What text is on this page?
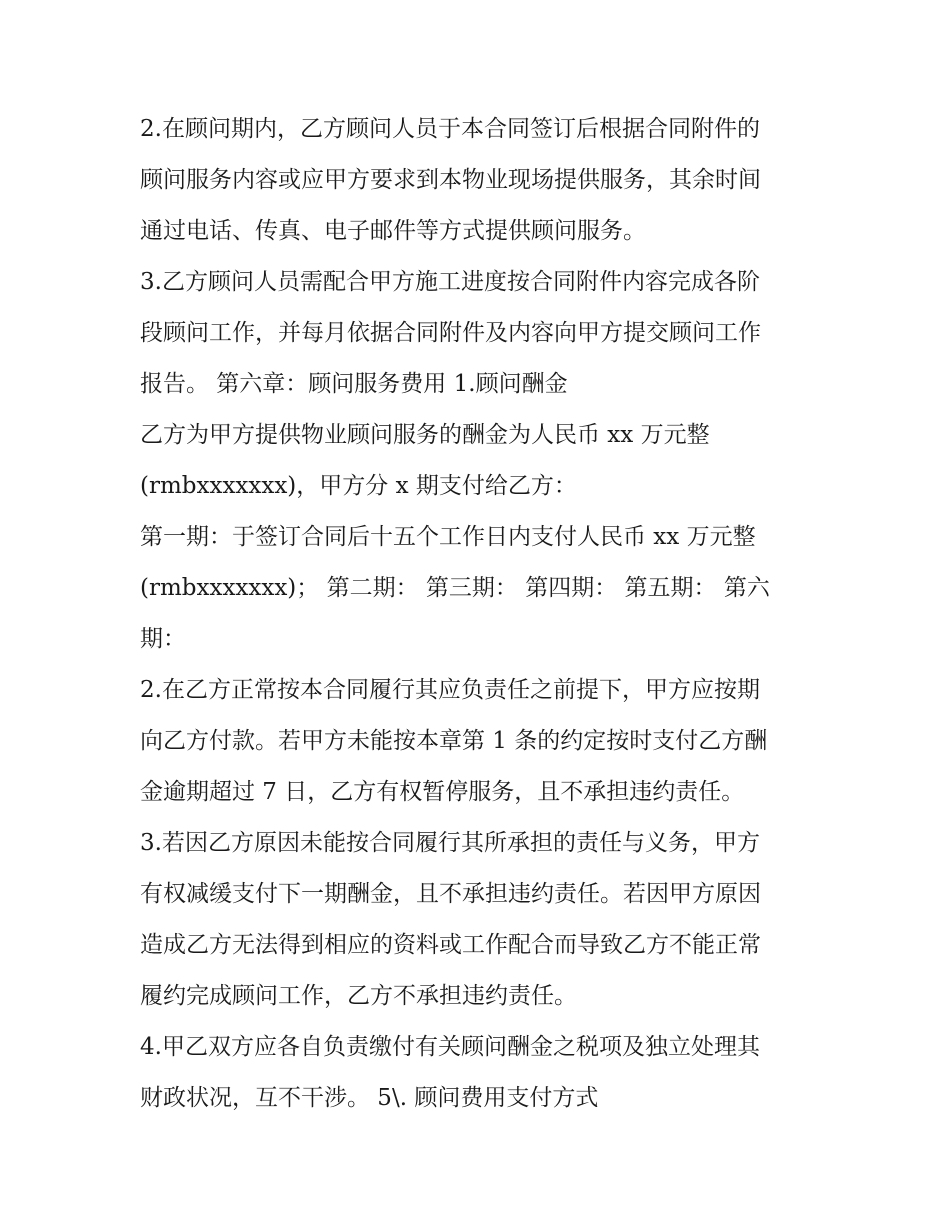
2.在顾问期内，乙方顾问人员于本合同签订后根据合同附件的
顾问服务内容或应甲方要求到本物业现场提供服务，其余时间
通过电话、传真、电子邮件等方式提供顾问服务。
3.乙方顾问人员需配合甲方施工进度按合同附件内容完成各阶
段顾问工作，并每月依据合同附件及内容向甲方提交顾问工作
报告。 第六章：顾问服务费用 1.顾问酬金
乙方为甲方提供物业顾问服务的酬金为人民币 xx 万元整
(rmbxxxxxxx)，甲方分 x 期支付给乙方：
第一期：于签订合同后十五个工作日内支付人民币 xx 万元整
(rmbxxxxxxx)； 第二期： 第三期： 第四期： 第五期： 第六
期：
2.在乙方正常按本合同履行其应负责任之前提下，甲方应按期
向乙方付款。若甲方未能按本章第 1 条的约定按时支付乙方酬
金逾期超过 7 日，乙方有权暂停服务，且不承担违约责任。
3.若因乙方原因未能按合同履行其所承担的责任与义务，甲方
有权减缓支付下一期酬金，且不承担违约责任。若因甲方原因
造成乙方无法得到相应的资料或工作配合而导致乙方不能正常
履约完成顾问工作，乙方不承担违约责任。
4.甲乙双方应各自负责缴付有关顾问酬金之税项及独立处理其
财政状况，互不干涉。 5\. 顾问费用支付方式
